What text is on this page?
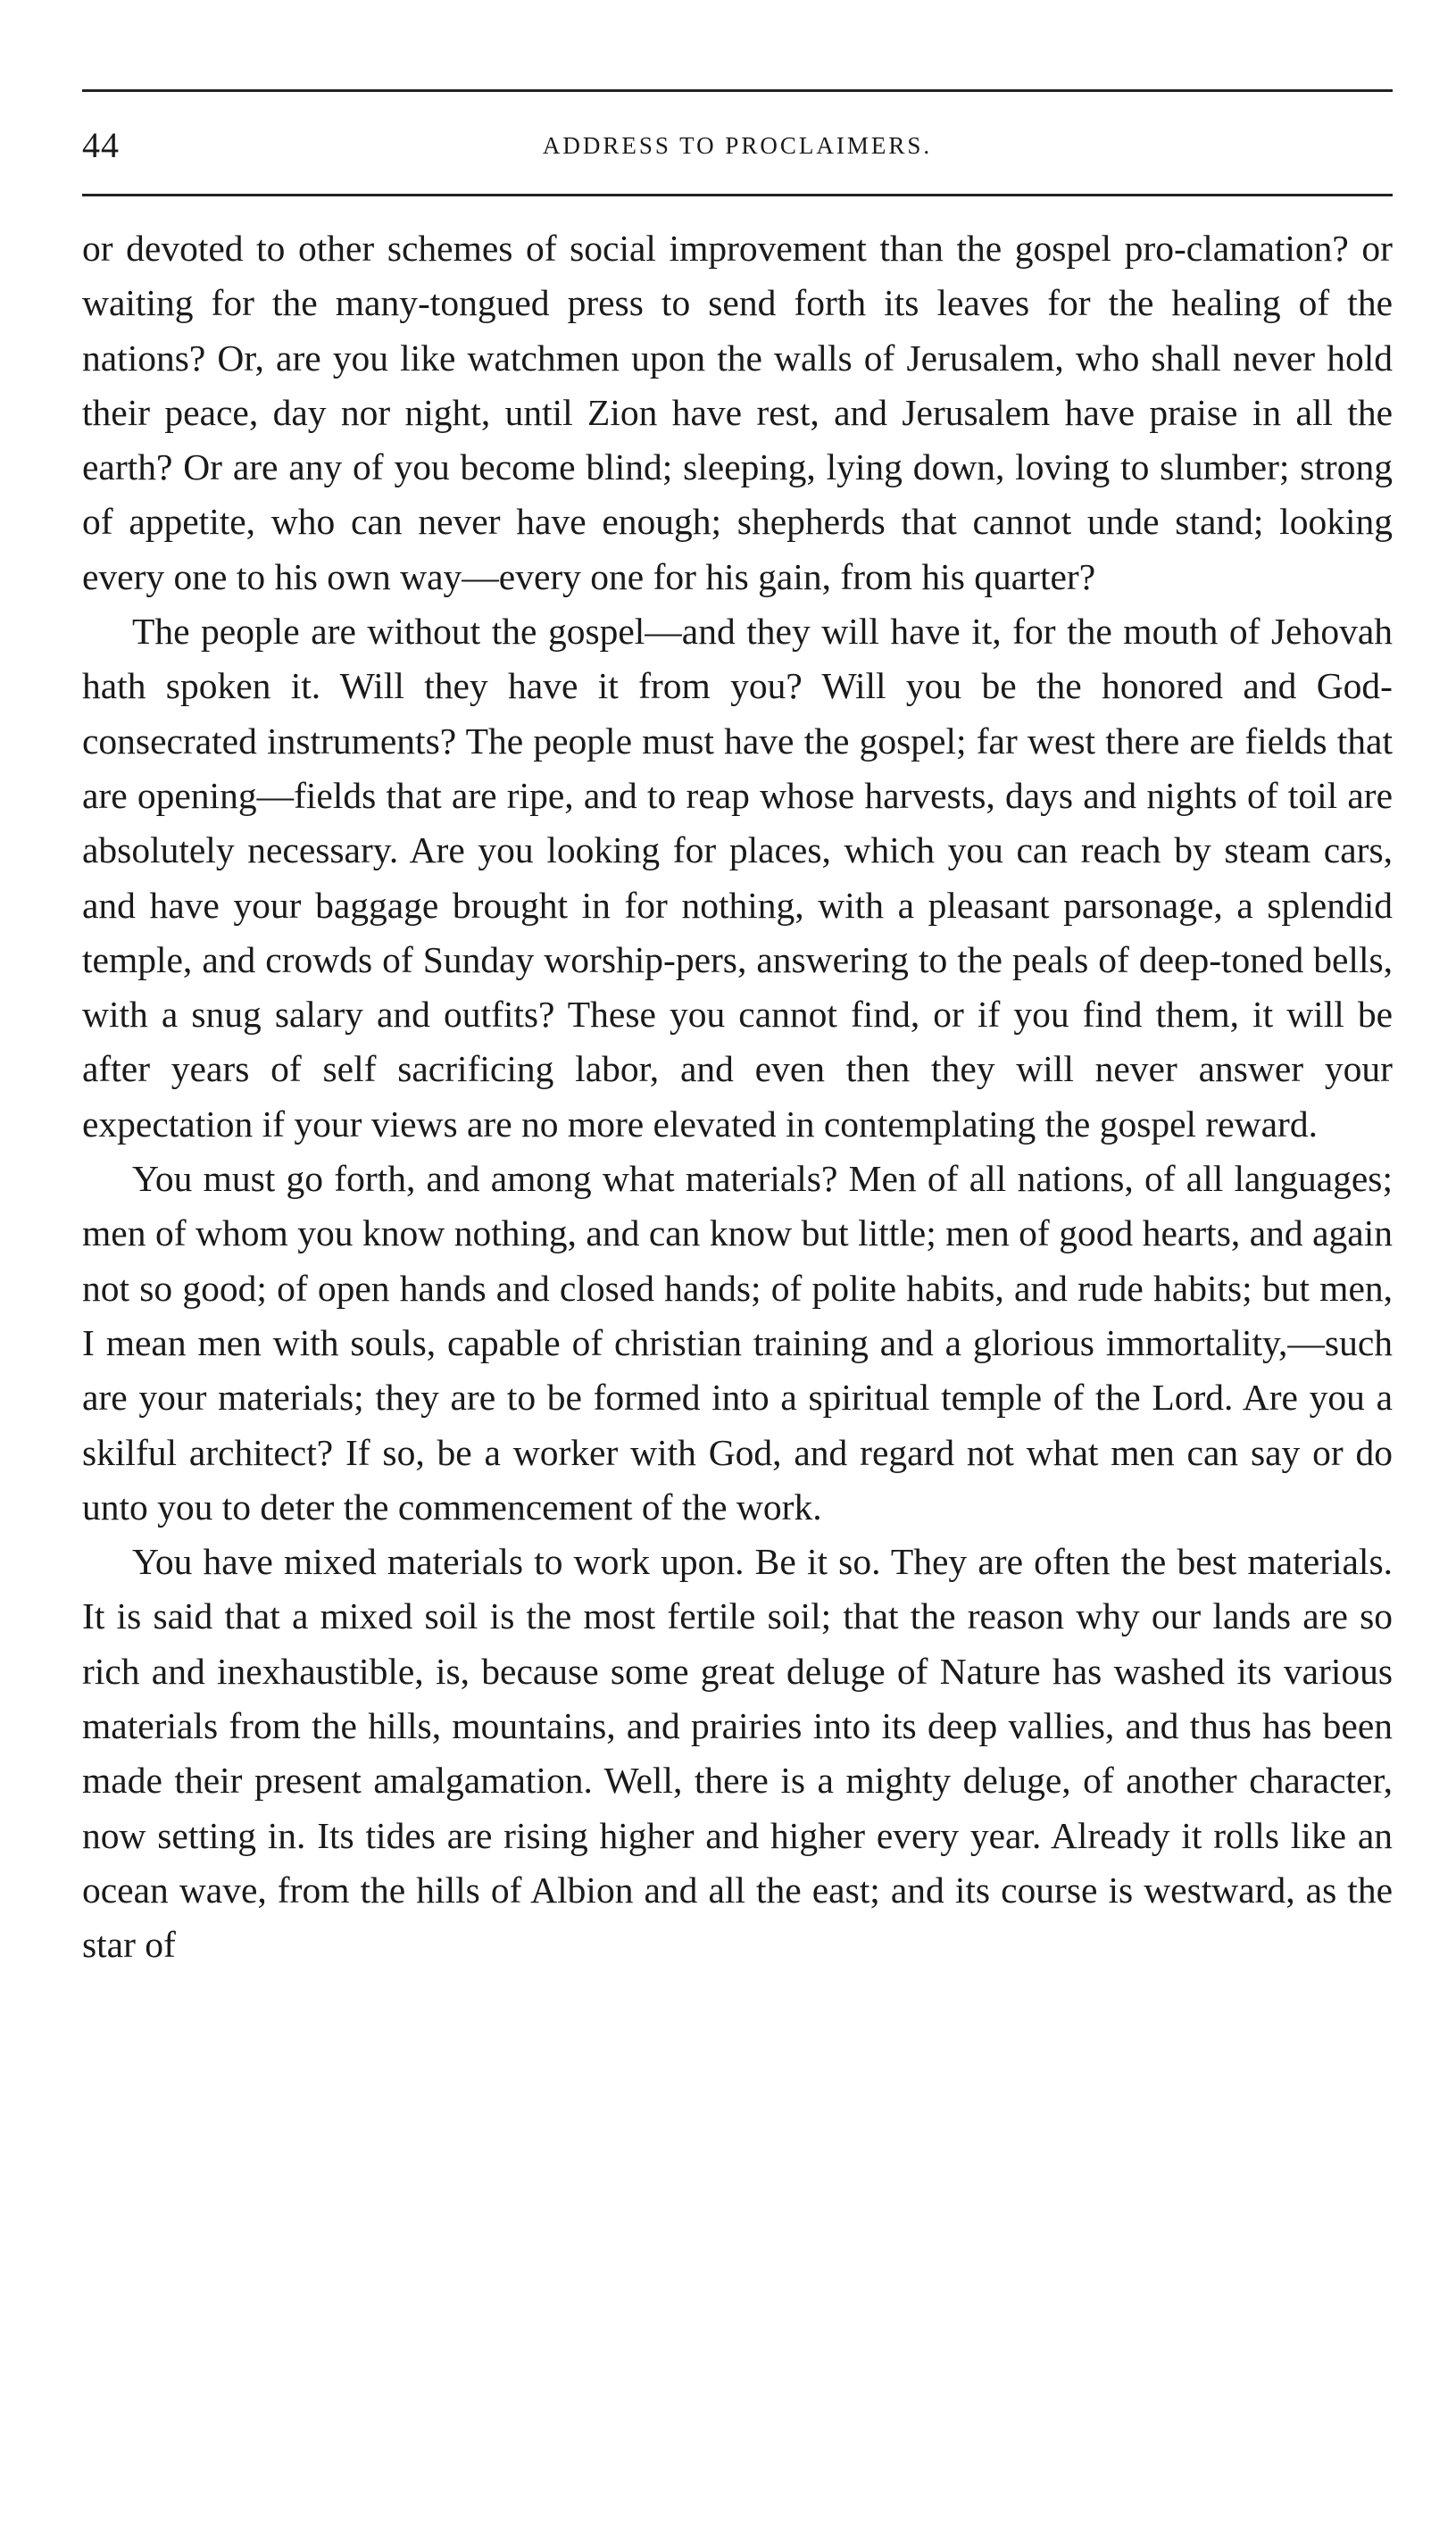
44	ADDRESS TO PROCLAIMERS.

or devoted to other schemes of social improvement than the gospel pro-clamation? or waiting for the many-tongued press to send forth its leaves for the healing of the nations? Or, are you like watchmen upon the walls of Jerusalem, who shall never hold their peace, day nor night, until Zion have rest, and Jerusalem have praise in all the earth? Or are any of you become blind; sleeping, lying down, loving to slumber; strong of appetite, who can never have enough; shepherds that cannot unde stand; looking every one to his own way—every one for his gain, from his quarter?

The people are without the gospel—and they will have it, for the mouth of Jehovah hath spoken it. Will they have it from you? Will you be the honored and God-consecrated instruments? The people must have the gospel; far west there are fields that are opening—fields that are ripe, and to reap whose harvests, days and nights of toil are absolutely necessary. Are you looking for places, which you can reach by steam cars, and have your baggage brought in for nothing, with a pleasant parsonage, a splendid temple, and crowds of Sunday worship-pers, answering to the peals of deep-toned bells, with a snug salary and outfits? These you cannot find, or if you find them, it will be after years of self sacrificing labor, and even then they will never answer your expectation if your views are no more elevated in contemplating the gospel reward.

You must go forth, and among what materials? Men of all nations, of all languages; men of whom you know nothing, and can know but little; men of good hearts, and again not so good; of open hands and closed hands; of polite habits, and rude habits; but men, I mean men with souls, capable of christian training and a glorious immortality,—such are your materials; they are to be formed into a spiritual temple of the Lord. Are you a skilful architect? If so, be a worker with God, and regard not what men can say or do unto you to deter the commencement of the work.

You have mixed materials to work upon. Be it so. They are often the best materials. It is said that a mixed soil is the most fertile soil; that the reason why our lands are so rich and inexhaustible, is, because some great deluge of Nature has washed its various materials from the hills, mountains, and prairies into its deep vallies, and thus has been made their present amalgamation. Well, there is a mighty deluge, of another character, now setting in. Its tides are rising higher and higher every year. Already it rolls like an ocean wave, from the hills of Albion and all the east; and its course is westward, as the star of
